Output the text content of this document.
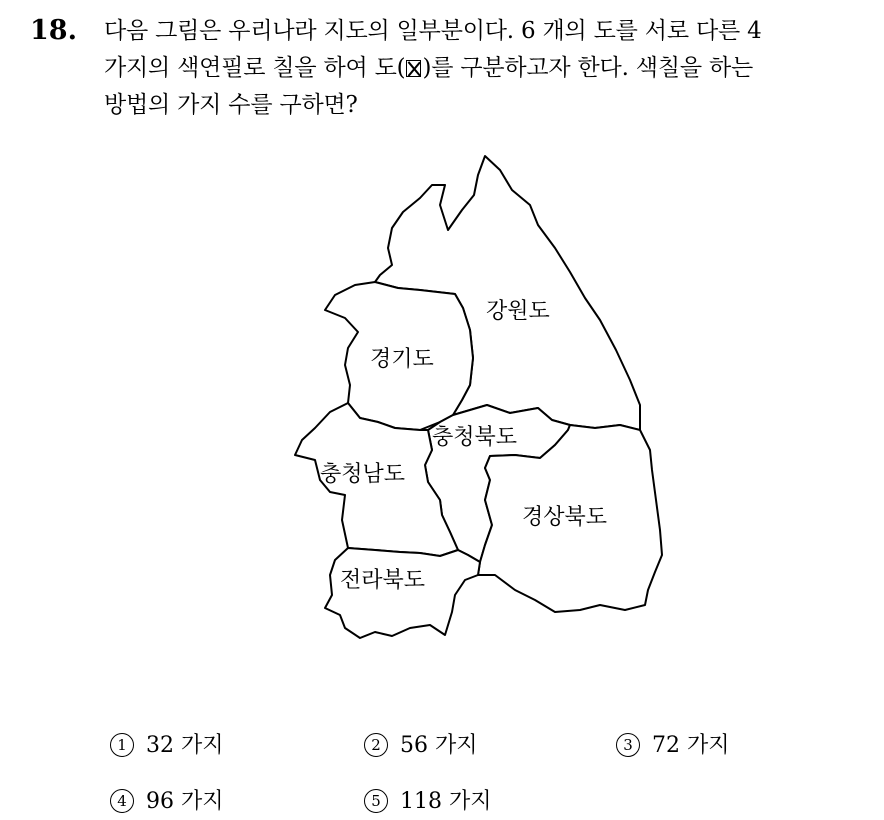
18. 다음 그림은 우리나라 지도의 일부분이다. 6 개의 도를 서로 다른 4
가지의 색연필로 칠을 하여 도(☒)를 구분하고자 한다. 색칠을 하는
방법의 가지 수를 구하면?
강원도
경기도
충청북도
충청남도
경상북도
전라북도
1 32 가지	2 56 가지	3 72 가지
4 96 가지	5 118 가지
